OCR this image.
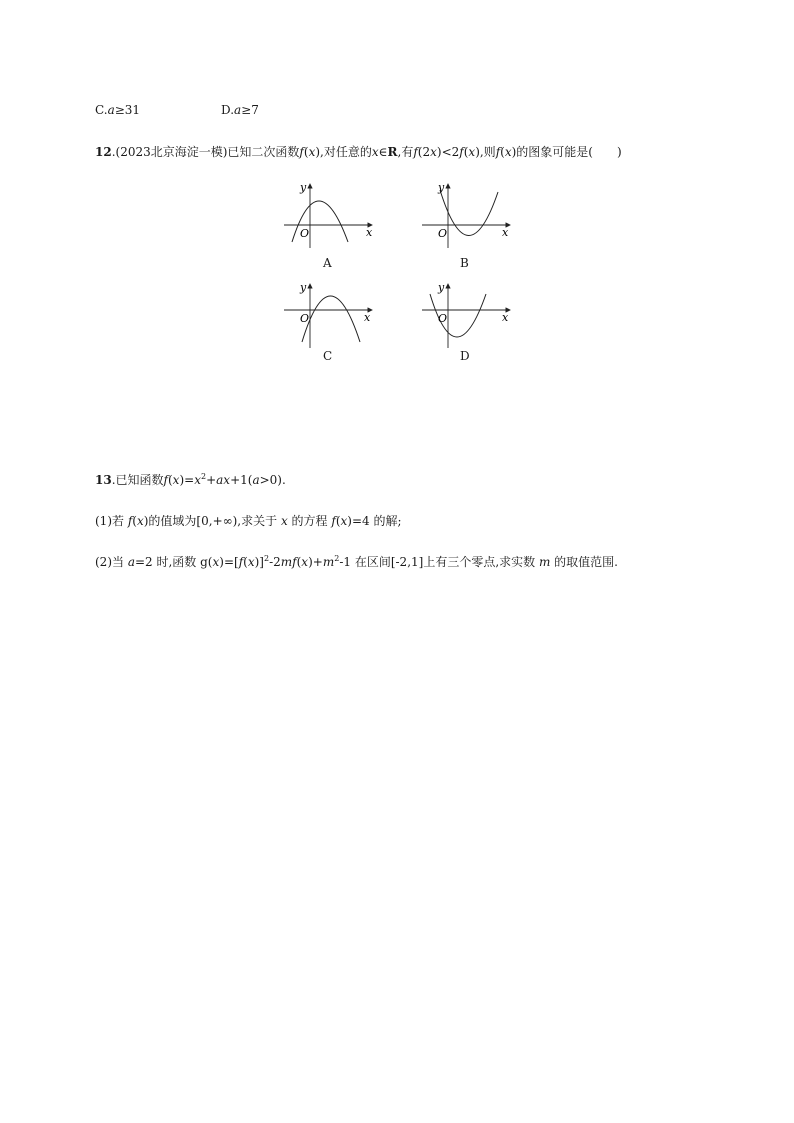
C.a≥31	D.a≥7
12.(2023北京海淀一模)已知二次函数f(x),对任意的x∈R,有f(2x)<2f(x),则f(x)的图象可能是(　　)
x
y
O
A
x
y
O
B
x
y
O
C
x
y
O
D
13.已知函数$f(x)=x^2+ax+1(a>0)$.
(1)若 f(x)的值域为[0,+∞),求关于 x 的方程 f(x)=4 的解;
(2)当 a=2 时,函数 $g(x)=[f(x)]^2-2mf(x)+m^2-1$ 在区间[-2,1]上有三个零点,求实数 m 的取值范围.
